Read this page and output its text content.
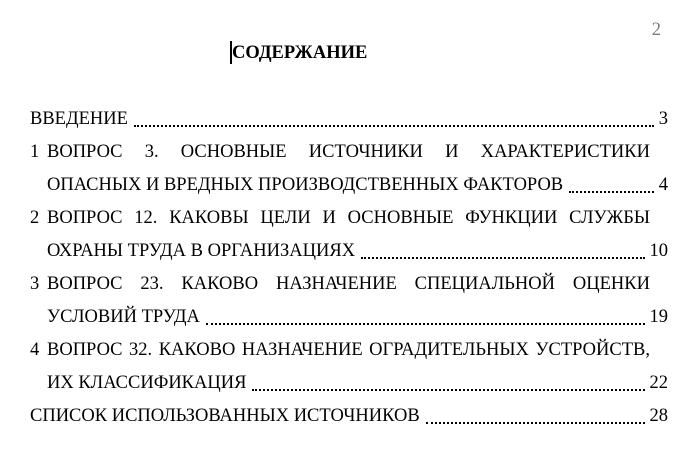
2
СОДЕРЖАНИЕ
ВВЕДЕНИЕ	3
1 ВОПРОС 3. ОСНОВНЫЕ ИСТОЧНИКИ И ХАРАКТЕРИСТИКИ
ОПАСНЫХ И ВРЕДНЫХ ПРОИЗВОДСТВЕННЫХ ФАКТОРОВ	4
2 ВОПРОС 12. КАКОВЫ ЦЕЛИ И ОСНОВНЫЕ ФУНКЦИИ СЛУЖБЫ
ОХРАНЫ ТРУДА В ОРГАНИЗАЦИЯХ	10
3 ВОПРОС 23. КАКОВО НАЗНАЧЕНИЕ СПЕЦИАЛЬНОЙ ОЦЕНКИ
УСЛОВИЙ ТРУДА	19
4 ВОПРОС 32. КАКОВО НАЗНАЧЕНИЕ ОГРАДИТЕЛЬНЫХ УСТРОЙСТВ,
ИХ КЛАССИФИКАЦИЯ	22
СПИСОК ИСПОЛЬЗОВАННЫХ ИСТОЧНИКОВ	28
